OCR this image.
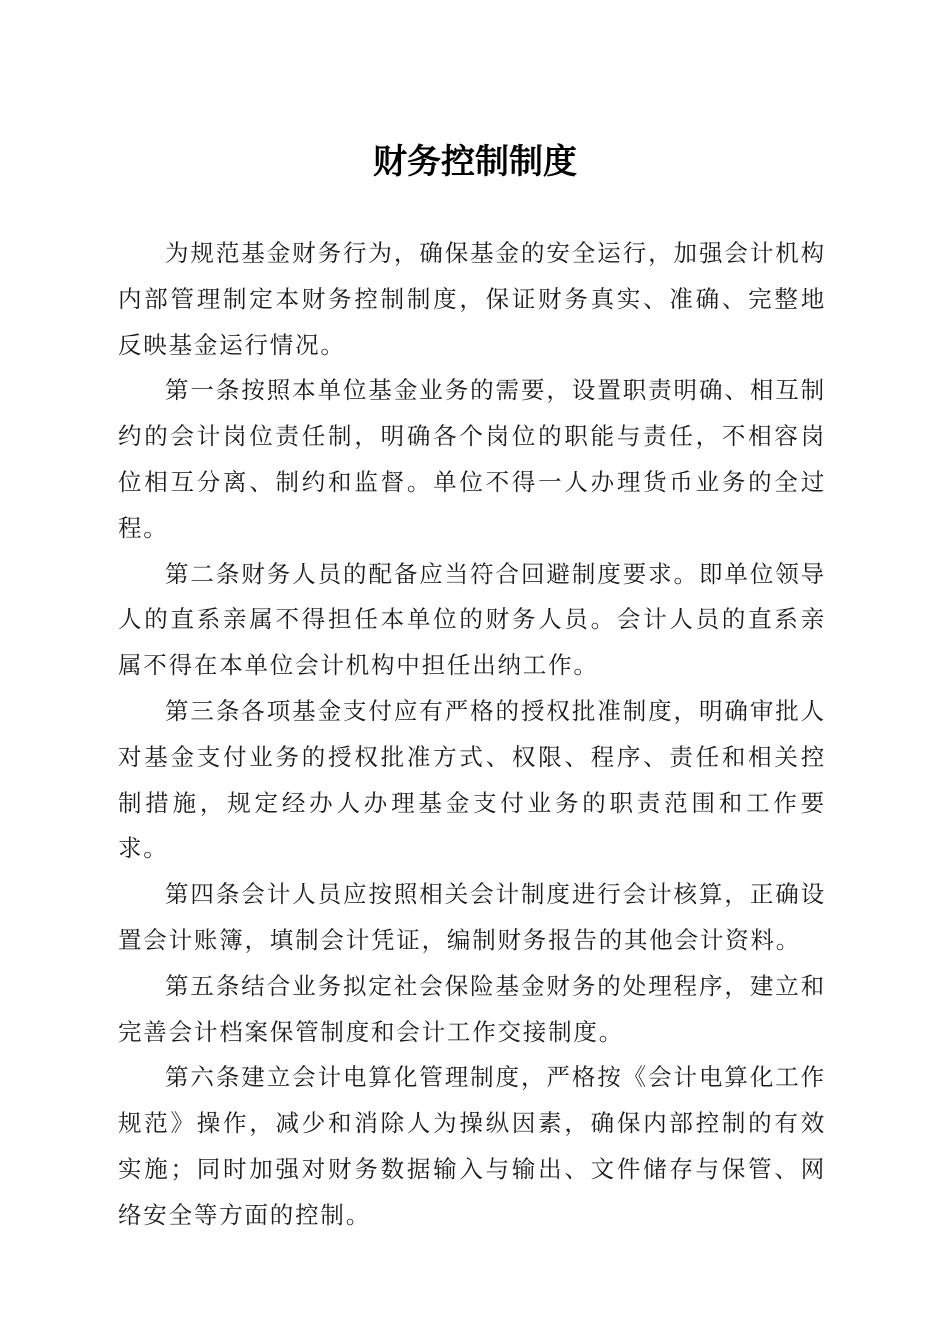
财务控制制度

为规范基金财务行为，确保基金的安全运行，加强会计机构内部管理制定本财务控制制度，保证财务真实、准确、完整地反映基金运行情况。

第一条按照本单位基金业务的需要，设置职责明确、相互制约的会计岗位责任制，明确各个岗位的职能与责任，不相容岗位相互分离、制约和监督。单位不得一人办理货币业务的全过程。

第二条财务人员的配备应当符合回避制度要求。即单位领导人的直系亲属不得担任本单位的财务人员。会计人员的直系亲属不得在本单位会计机构中担任出纳工作。

第三条各项基金支付应有严格的授权批准制度，明确审批人对基金支付业务的授权批准方式、权限、程序、责任和相关控制措施，规定经办人办理基金支付业务的职责范围和工作要求。

第四条会计人员应按照相关会计制度进行会计核算，正确设置会计账簿，填制会计凭证，编制财务报告的其他会计资料。

第五条结合业务拟定社会保险基金财务的处理程序，建立和完善会计档案保管制度和会计工作交接制度。

第六条建立会计电算化管理制度，严格按《会计电算化工作规范》操作，减少和消除人为操纵因素，确保内部控制的有效实施；同时加强对财务数据输入与输出、文件储存与保管、网络安全等方面的控制。
